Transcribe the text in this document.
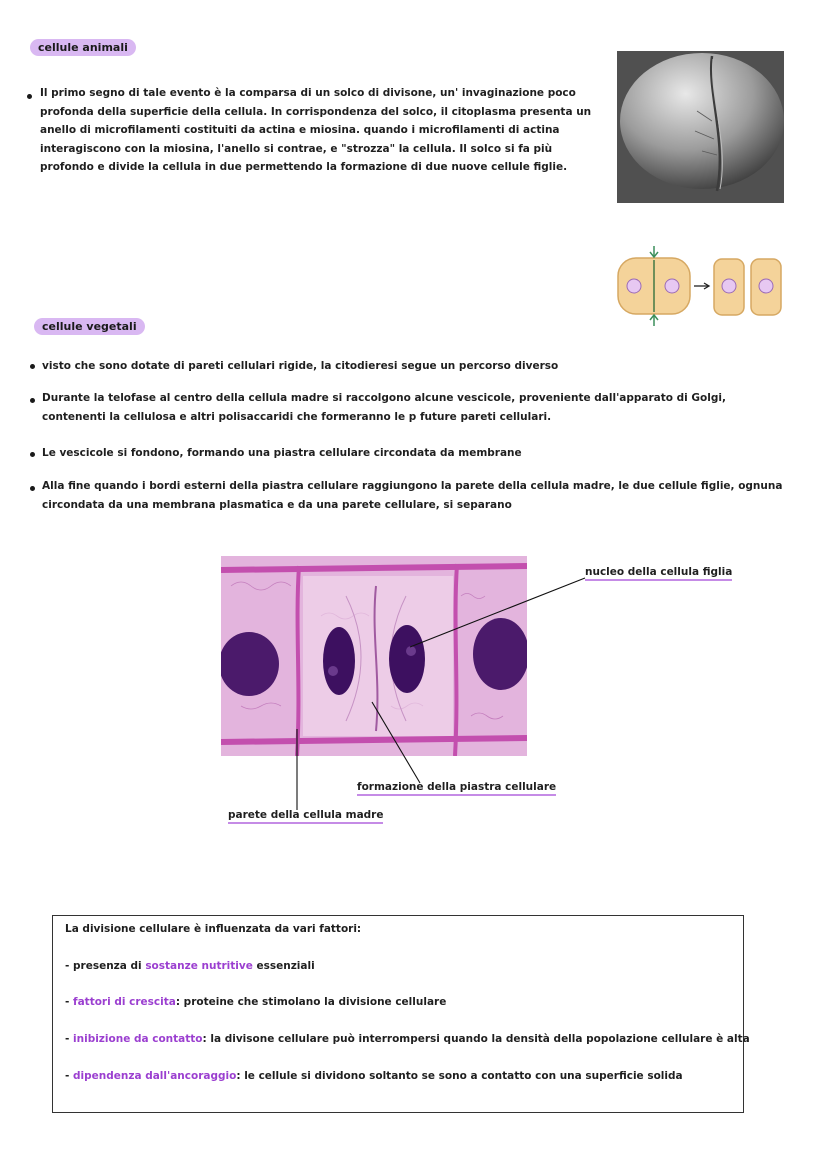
cellule animali
Il primo segno di tale evento è la comparsa di un solco di divisone, un' invaginazione poco profonda della superficie della cellula. In corrispondenza del solco, il citoplasma presenta un anello di microfilamenti costituiti da actina e miosina. quando i microfilamenti di actina interagiscono con la miosina, l'anello si contrae, e "strozza" la cellula. Il solco si fa più profondo e divide la cellula in due permettendo la formazione di due nuove cellule figlie.
cellule vegetali
visto che sono dotate di pareti cellulari rigide, la citodieresi segue un percorso diverso
Durante la telofase al centro della cellula madre si raccolgono alcune vescicole, proveniente dall'apparato di Golgi, contenenti la cellulosa e altri polisaccaridi che formeranno le p future pareti cellulari.
Le vescicole si fondono, formando una piastra cellulare circondata da membrane
Alla fine quando i bordi esterni della piastra cellulare raggiungono la parete della cellula madre, le due cellule figlie, ognuna circondata da una membrana plasmatica e da una parete cellulare, si separano
nucleo della cellula figlia
formazione della piastra cellulare
parete della cellula madre
La divisione cellulare è influenzata da vari fattori:
- presenza di sostanze nutritive essenziali
- fattori di crescita: proteine che stimolano la divisione cellulare
- inibizione da contatto: la divisone cellulare può interrompersi quando la densità della popolazione cellulare è alta
- dipendenza dall'ancoraggio: le cellule si dividono soltanto se sono a contatto con una superficie solida
